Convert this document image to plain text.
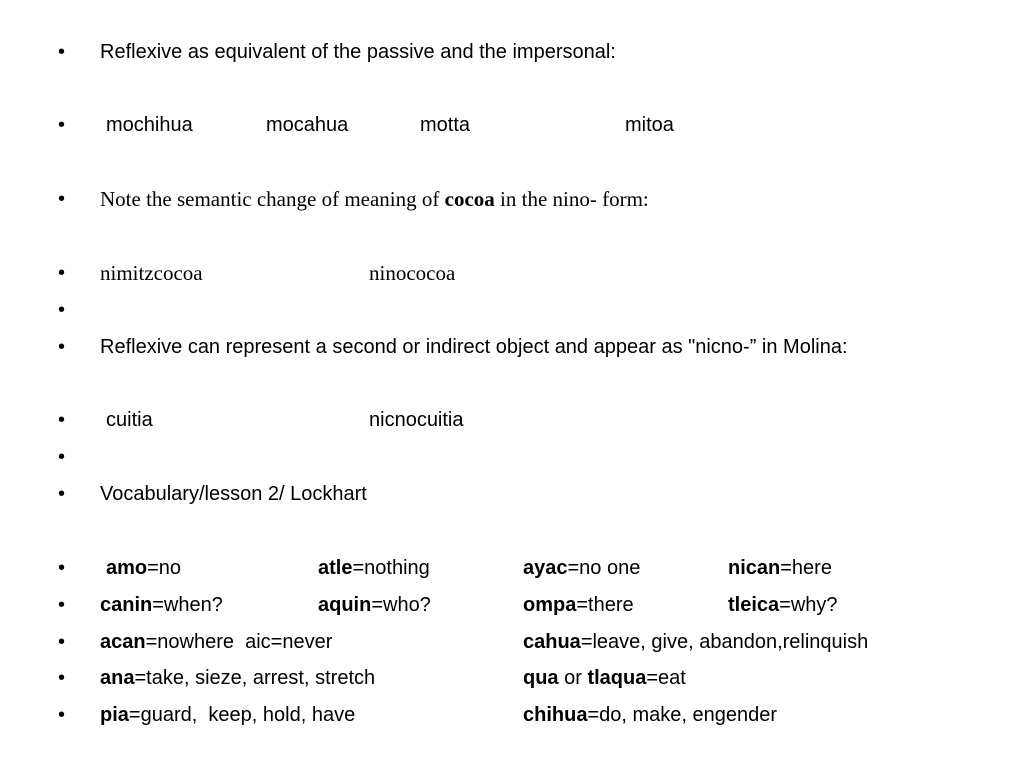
• Reflexive as equivalent of the passive and the impersonal:
• mochihua	mocahua	motta	mitoa
• Note the semantic change of meaning of cocoa in the nino- form:
• nimitzcocoa	ninococoa
•
• Reflexive can represent a second or indirect object and appear as "nicno-” in Molina:
• cuitia	nicnocuitia
•
• Vocabulary/lesson 2/ Lockhart
• amo=no	atle=nothing	ayac=no one	nican=here
• canin=when?	aquin=who?	ompa=there	tleica=why?
• acan=nowhere  aic=never	cahua=leave, give, abandon,relinquish
• ana=take, sieze, arrest, stretch	qua or tlaqua=eat
• pia=guard,  keep, hold, have	chihua=do, make, engender
